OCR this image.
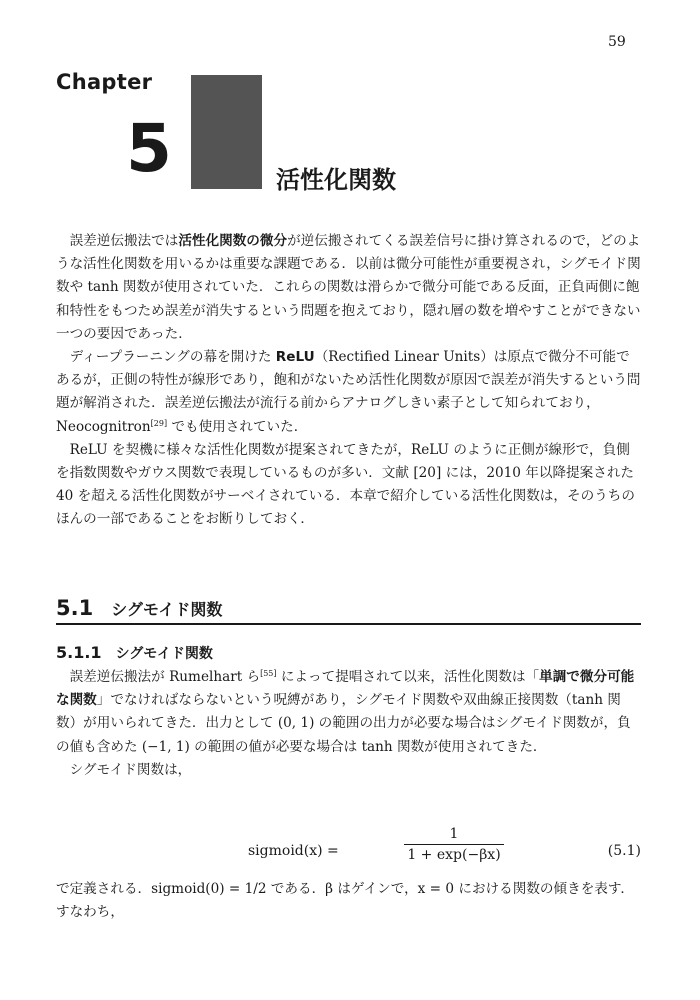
59
Chapter
5	活性化関数

誤差逆伝搬法では活性化関数の微分が逆伝搬されてくる誤差信号に掛け算されるので，どのような活性化関数を用いるかは重要な課題である．以前は微分可能性が重要視され，シグモイド関数や tanh 関数が使用されていた．これらの関数は滑らかで微分可能である反面，正負両側に飽和特性をもつため誤差が消失するという問題を抱えており，隠れ層の数を増やすことができない一つの要因であった．

ディープラーニングの幕を開けた ReLU（Rectified Linear Units）は原点で微分不可能であるが，正側の特性が線形であり，飽和がないため活性化関数が原因で誤差が消失するという問題が解消された．誤差逆伝搬法が流行る前からアナログしきい素子として知られており，Neocognitron[29] でも使用されていた．

ReLU を契機に様々な活性化関数が提案されてきたが，ReLU のように正側が線形で，負側を指数関数やガウス関数で表現しているものが多い．文献 [20] には，2010 年以降提案された 40 を超える活性化関数がサーベイされている．本章で紹介している活性化関数は，そのうちのほんの一部であることをお断りしておく．

5.1 シグモイド関数
5.1.1 シグモイド関数

誤差逆伝搬法が Rumelhart ら[55] によって提唱されて以来，活性化関数は「単調で微分可能な関数」でなければならないという呪縛があり，シグモイド関数や双曲線正接関数（tanh 関数）が用いられてきた．出力として (0, 1) の範囲の出力が必要な場合はシグモイド関数が，負の値も含めた (−1, 1) の範囲の値が必要な場合は tanh 関数が使用されてきた．

シグモイド関数は，

sigmoid(x) =	$\frac{1}{1 + \exp(-\beta x)}$	(5.1)

で定義される．sigmoid(0) = 1/2 である．β はゲインで，x = 0 における関数の傾きを表す．すなわち，
